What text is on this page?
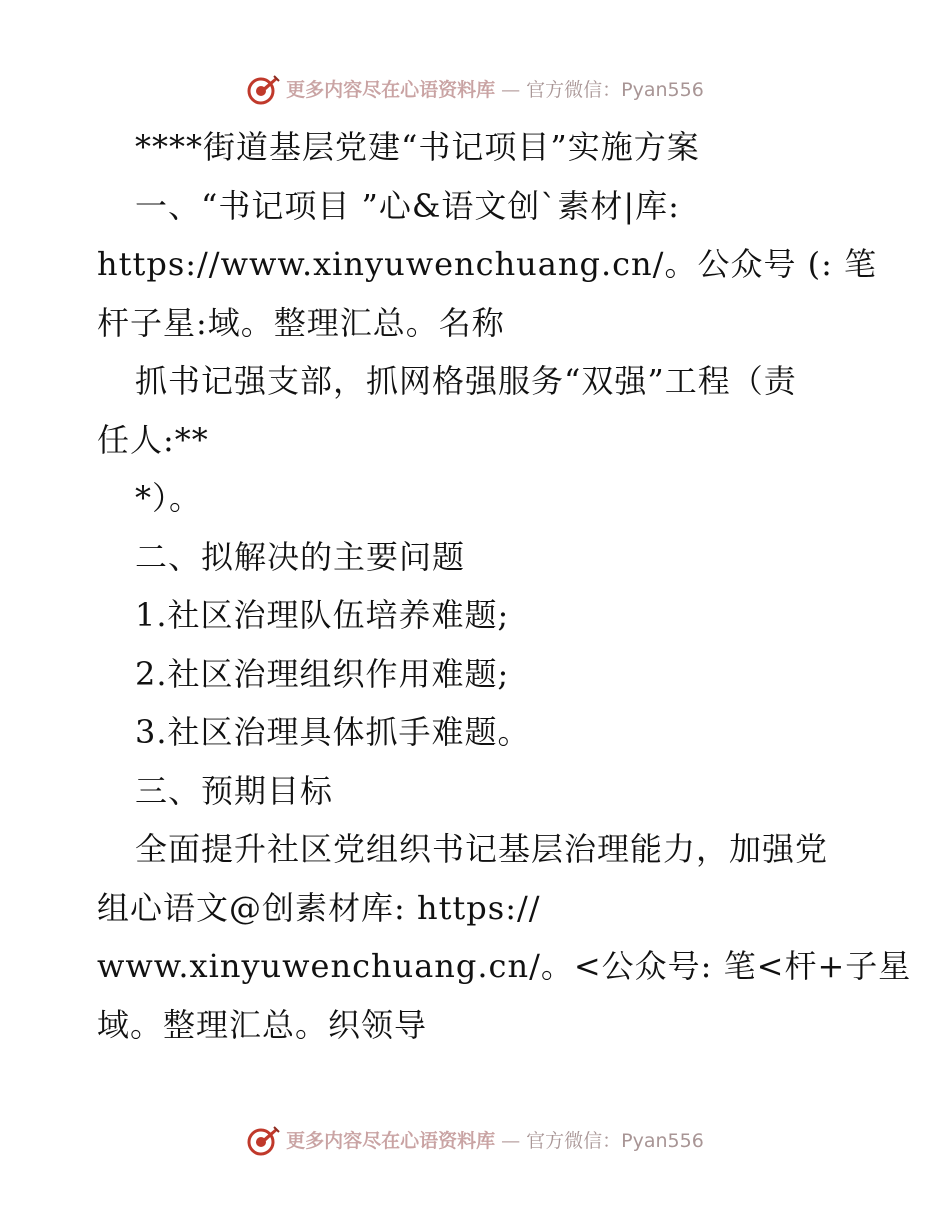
更多内容尽在心语资料库 — 官方微信：Pyan556
****街道基层党建“书记项目”实施方案
一、“书记项目 ”心&语文创`素材|库:
https://www.xinyuwenchuang.cn/。公众号 (: 笔
杆子星:域。整理汇总。名称
抓书记强支部，抓网格强服务“双强”工程（责
任人:**
*）。
二、拟解决的主要问题
1.社区治理队伍培养难题;
2.社区治理组织作用难题;
3.社区治理具体抓手难题。
三、预期目标
全面提升社区党组织书记基层治理能力，加强党
组心语文@创素材库: https://
www.xinyuwenchuang.cn/。<公众号: 笔<杆+子星
域。整理汇总。织领导
更多内容尽在心语资料库 — 官方微信：Pyan556
